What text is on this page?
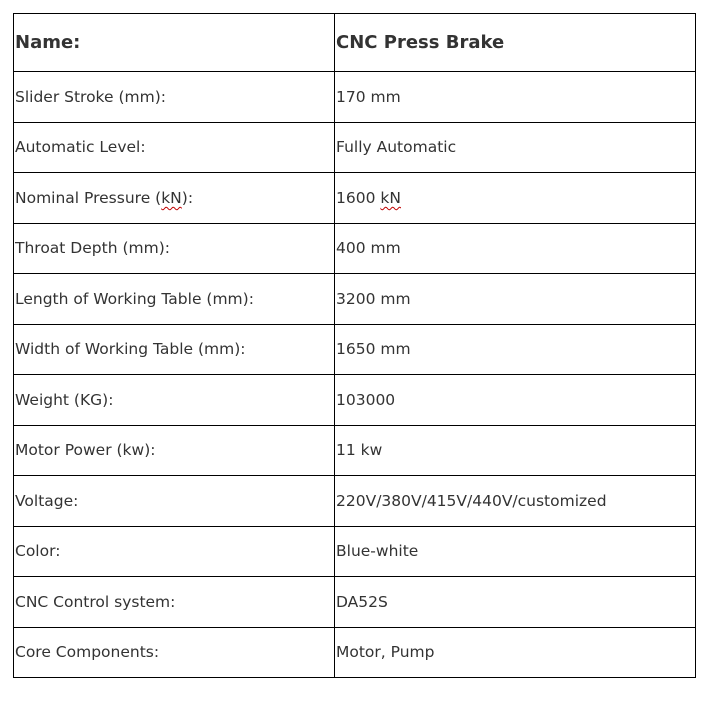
Name:	CNC Press Brake
Slider Stroke (mm):	170 mm
Automatic Level:	Fully Automatic
Nominal Pressure (kN):	1600 kN
Throat Depth (mm):	400 mm
Length of Working Table (mm):	3200 mm
Width of Working Table (mm):	1650 mm
Weight (KG):	103000
Motor Power (kw):	11 kw
Voltage:	220V/380V/415V/440V/customized
Color:	Blue-white
CNC Control system:	DA52S
Core Components:	Motor, Pump
